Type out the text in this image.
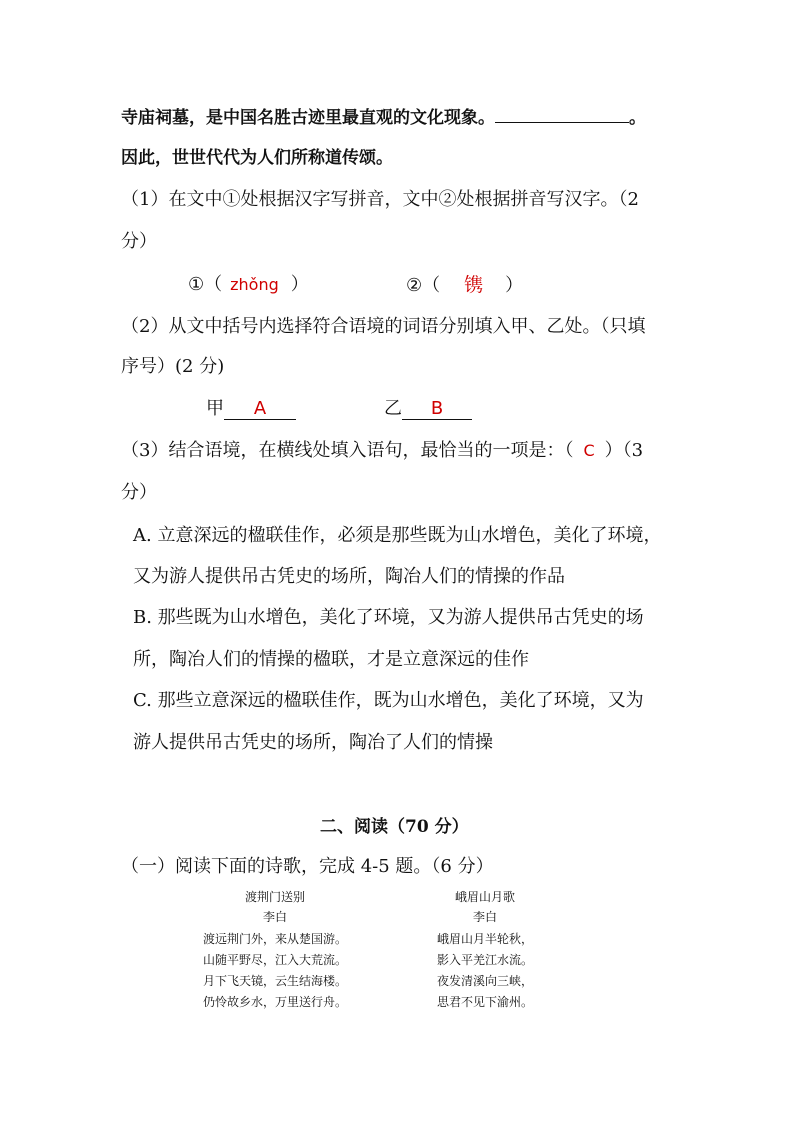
寺庙祠墓，是中国名胜古迹里最直观的文化现象。	。
因此，世世代代为人们所称道传颂。
（1）在文中①处根据汉字写拼音，文中②处根据拼音写汉字。（2
分）
①（ zhǒng ）	②（ 镌 ）
（2）从文中括号内选择符合语境的词语分别填入甲、乙处。（只填
序号）(2 分)
甲 A	乙 B
（3）结合语境，在横线处填入语句，最恰当的一项是：（ C ）（3
分）
A. 立意深远的楹联佳作，必须是那些既为山水增色，美化了环境，
又为游人提供吊古凭史的场所，陶冶人们的情操的作品
B. 那些既为山水增色，美化了环境，又为游人提供吊古凭史的场
所，陶冶人们的情操的楹联，才是立意深远的佳作
C. 那些立意深远的楹联佳作，既为山水增色，美化了环境，又为
游人提供吊古凭史的场所，陶冶了人们的情操
二、阅读（70 分）
（一）阅读下面的诗歌，完成 4-5 题。（6 分）
渡荆门送别
李白
渡远荆门外，来从楚国游。
山随平野尽，江入大荒流。
月下飞天镜，云生结海楼。
仍怜故乡水，万里送行舟。
峨眉山月歌
李白
峨眉山月半轮秋，
影入平羌江水流。
夜发清溪向三峡，
思君不见下渝州。
